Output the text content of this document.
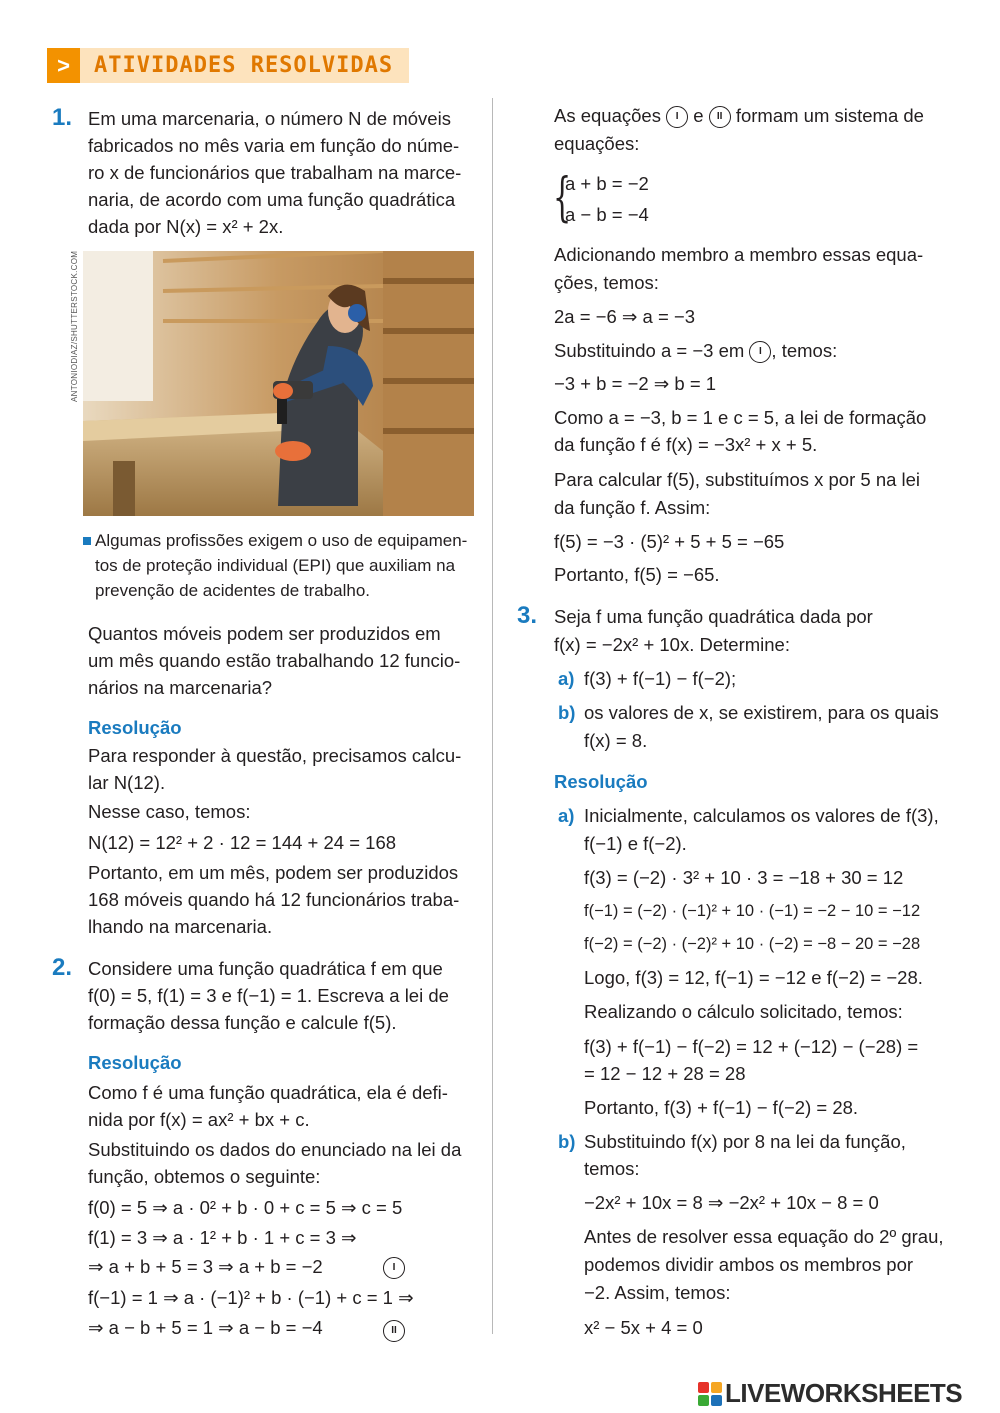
>	ATIVIDADES RESOLVIDAS
1. Em uma marcenaria, o número N de móveis
fabricados no mês varia em função do núme-
ro x de funcionários que trabalham na marce-
naria, de acordo com uma função quadrática
dada por N(x) = x² + 2x.
ANTONIODIAZ/SHUTTERSTOCK.COM
Algumas profissões exigem o uso de equipamen-
tos de proteção individual (EPI) que auxiliam na
prevenção de acidentes de trabalho.
Quantos móveis podem ser produzidos em
um mês quando estão trabalhando 12 funcio-
nários na marcenaria?
Resolução
Para responder à questão, precisamos calcu-
lar N(12).
Nesse caso, temos:
N(12) = 12² + 2 · 12 = 144 + 24 = 168
Portanto, em um mês, podem ser produzidos
168 móveis quando há 12 funcionários traba-
lhando na marcenaria.
2. Considere uma função quadrática f em que
f(0) = 5, f(1) = 3 e f(−1) = 1. Escreva a lei de
formação dessa função e calcule f(5).
Resolução
Como f é uma função quadrática, ela é defi-
nida por f(x) = ax² + bx + c.
Substituindo os dados do enunciado na lei da
função, obtemos o seguinte:
f(0) = 5 ⇒ a · 0² + b · 0 + c = 5 ⇒ c = 5
f(1) = 3 ⇒ a · 1² + b · 1 + c = 3 ⇒
⇒ a + b + 5 = 3 ⇒ a + b = −2
f(−1) = 1 ⇒ a · (−1)² + b · (−1) + c = 1 ⇒
⇒ a − b + 5 = 1 ⇒ a − b = −4
I
II
As equações I e II formam um sistema de
equações:
{
a + b = −2
a − b = −4
Adicionando membro a membro essas equa-
ções, temos:
2a = −6 ⇒ a = −3
Substituindo a = −3 em I , temos:
−3 + b = −2 ⇒ b = 1
Como a = −3, b = 1 e c = 5, a lei de formação
da função f é f(x) = −3x² + x + 5.
Para calcular f(5), substituímos x por 5 na lei
da função f. Assim:
f(5) = −3 · (5)² + 5 + 5 = −65
Portanto, f(5) = −65.
3. Seja f uma função quadrática dada por
f(x) = −2x² + 10x. Determine:
a) f(3) + f(−1) − f(−2);
b) os valores de x, se existirem, para os quais
f(x) = 8.
Resolução
a) Inicialmente, calculamos os valores de f(3),
f(−1) e f(−2).
f(3) = (−2) · 3² + 10 · 3 = −18 + 30 = 12
f(−1) = (−2) · (−1)² + 10 · (−1) = −2 − 10 = −12
f(−2) = (−2) · (−2)² + 10 · (−2) = −8 − 20 = −28
Logo, f(3) = 12, f(−1) = −12 e f(−2) = −28.
Realizando o cálculo solicitado, temos:
f(3) + f(−1) − f(−2) = 12 + (−12) − (−28) =
= 12 − 12 + 28 = 28
Portanto, f(3) + f(−1) − f(−2) = 28.
b) Substituindo f(x) por 8 na lei da função,
temos:
−2x² + 10x = 8 ⇒ −2x² + 10x − 8 = 0
Antes de resolver essa equação do 2º grau,
podemos dividir ambos os membros por
−2. Assim, temos:
x² − 5x + 4 = 0
LIVEWORKSHEETS
